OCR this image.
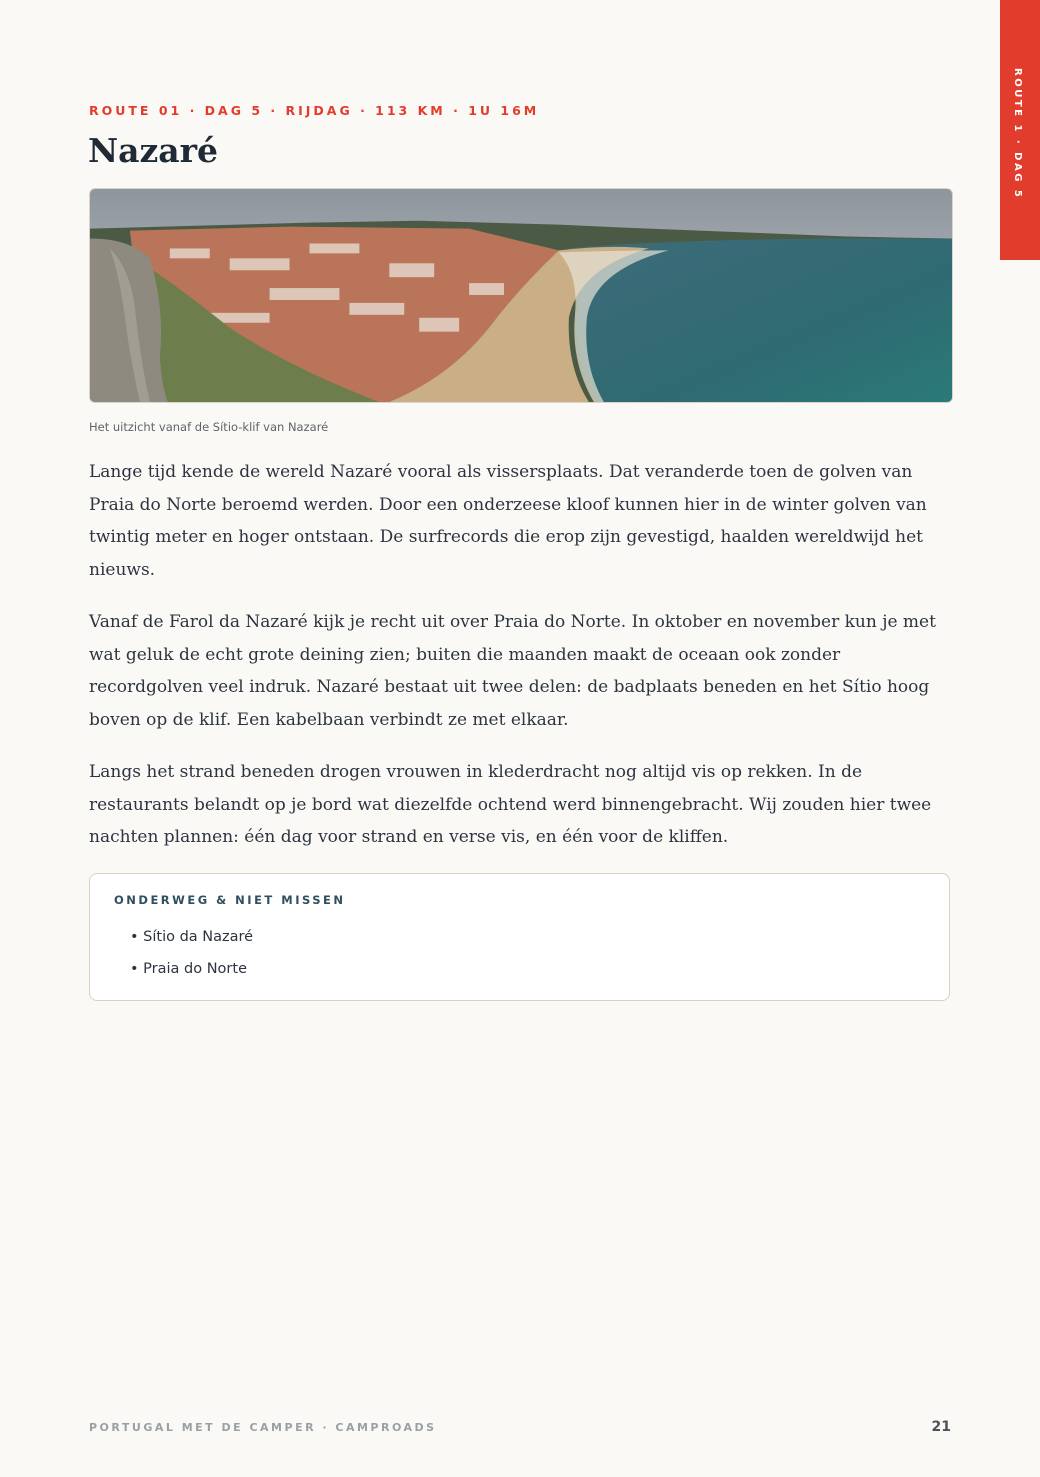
ROUTE 1 · DAG 5
ROUTE 01 · DAG 5 · RIJDAG · 113 KM · 1U 16M
Nazaré
Het uitzicht vanaf de Sítio-klif van Nazaré

Lange tijd kende de wereld Nazaré vooral als vissersplaats. Dat veranderde toen de golven van Praia do Norte beroemd werden. Door een onderzeese kloof kunnen hier in de winter golven van twintig meter en hoger ontstaan. De surfrecords die erop zijn gevestigd, haalden wereldwijd het nieuws.

Vanaf de Farol da Nazaré kijk je recht uit over Praia do Norte. In oktober en november kun je met wat geluk de echt grote deining zien; buiten die maanden maakt de oceaan ook zonder recordgolven veel indruk. Nazaré bestaat uit twee delen: de badplaats beneden en het Sítio hoog boven op de klif. Een kabelbaan verbindt ze met elkaar.

Langs het strand beneden drogen vrouwen in klederdracht nog altijd vis op rekken. In de restaurants belandt op je bord wat diezelfde ochtend werd binnengebracht. Wij zouden hier twee nachten plannen: één dag voor strand en verse vis, en één voor de kliffen.

ONDERWEG & NIET MISSEN
• Sítio da Nazaré
• Praia do Norte
PORTUGAL MET DE CAMPER · CAMPROADS	21
